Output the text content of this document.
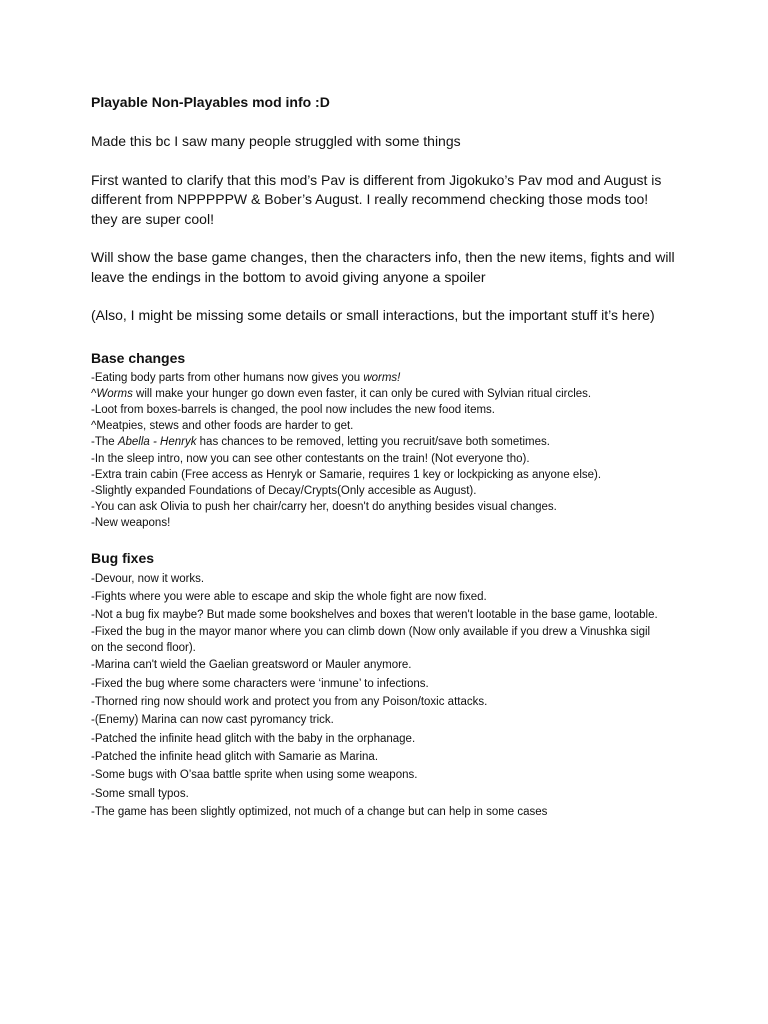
Playable Non-Playables mod info :D

Made this bc I saw many people struggled with some things

First wanted to clarify that this mod’s Pav is different from Jigokuko’s Pav mod and August is
different from NPPPPPW & Bober’s August. I really recommend checking those mods too!
they are super cool!

Will show the base game changes, then the characters info, then the new items, fights and will
leave the endings in the bottom to avoid giving anyone a spoiler

(Also, I might be missing some details or small interactions, but the important stuff it’s here)

Base changes
-Eating body parts from other humans now gives you worms!
^Worms will make your hunger go down even faster, it can only be cured with Sylvian ritual circles.
-Loot from boxes-barrels is changed, the pool now includes the new food items.
^Meatpies, stews and other foods are harder to get.
-The Abella - Henryk has chances to be removed, letting you recruit/save both sometimes.
-In the sleep intro, now you can see other contestants on the train! (Not everyone tho).
-Extra train cabin (Free access as Henryk or Samarie, requires 1 key or lockpicking as anyone else).
-Slightly expanded Foundations of Decay/Crypts(Only accesible as August).
-You can ask Olivia to push her chair/carry her, doesn't do anything besides visual changes.
-New weapons!
Bug fixes
-Devour, now it works.
-Fights where you were able to escape and skip the whole fight are now fixed.
-Not a bug fix maybe? But made some bookshelves and boxes that weren't lootable in the base game, lootable.
-Fixed the bug in the mayor manor where you can climb down (Now only available if you drew a Vinushka sigil
on the second floor).
-Marina can't wield the Gaelian greatsword or Mauler anymore.
-Fixed the bug where some characters were ‘inmune’ to infections.
-Thorned ring now should work and protect you from any Poison/toxic attacks.
-(Enemy) Marina can now cast pyromancy trick.
-Patched the infinite head glitch with the baby in the orphanage.
-Patched the infinite head glitch with Samarie as Marina.
-Some bugs with O’saa battle sprite when using some weapons.
-Some small typos.
-The game has been slightly optimized, not much of a change but can help in some cases
